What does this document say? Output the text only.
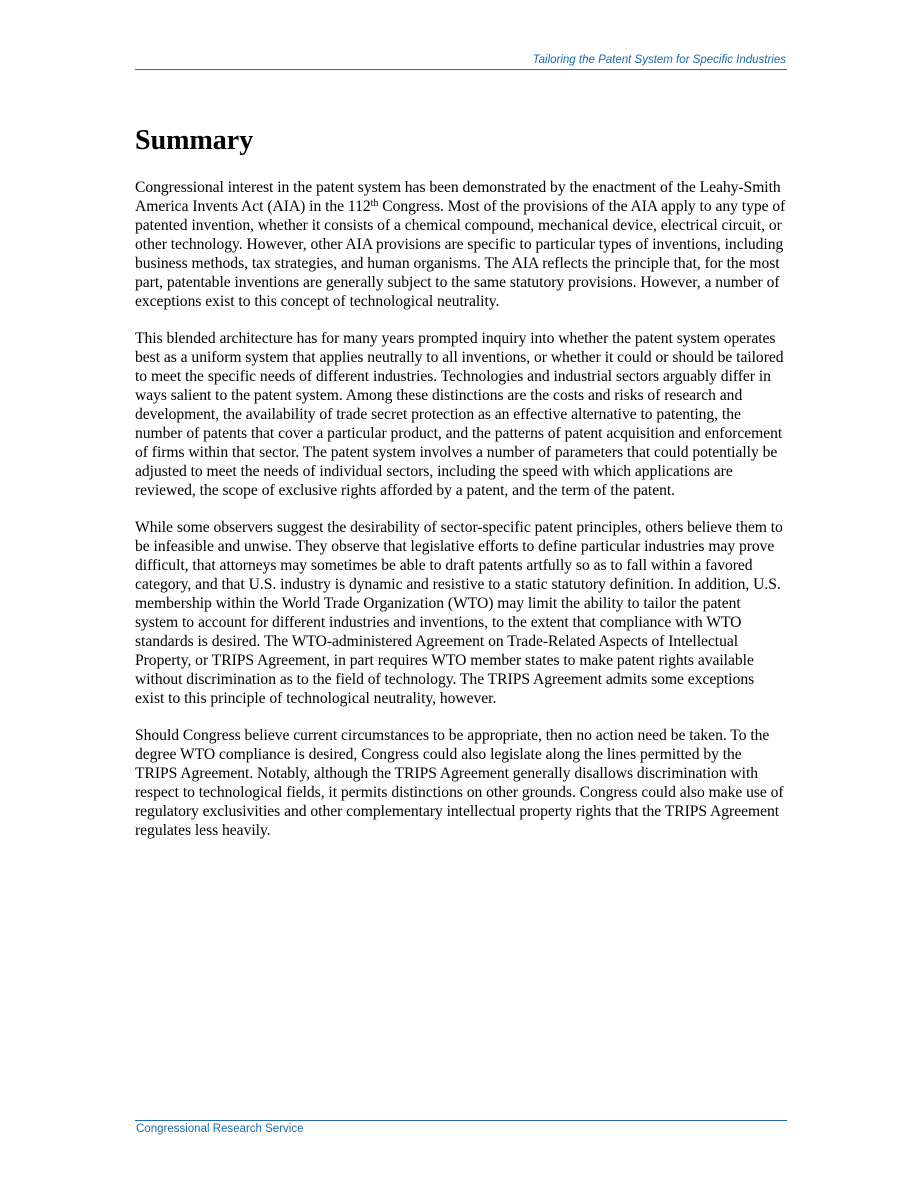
Tailoring the Patent System for Specific Industries
Summary

Congressional interest in the patent system has been demonstrated by the enactment of the Leahy-Smith America Invents Act (AIA) in the 112th Congress. Most of the provisions of the AIA apply to any type of patented invention, whether it consists of a chemical compound, mechanical device, electrical circuit, or other technology. However, other AIA provisions are specific to particular types of inventions, including business methods, tax strategies, and human organisms. The AIA reflects the principle that, for the most part, patentable inventions are generally subject to the same statutory provisions. However, a number of exceptions exist to this concept of technological neutrality.

This blended architecture has for many years prompted inquiry into whether the patent system operates best as a uniform system that applies neutrally to all inventions, or whether it could or should be tailored to meet the specific needs of different industries. Technologies and industrial sectors arguably differ in ways salient to the patent system. Among these distinctions are the costs and risks of research and development, the availability of trade secret protection as an effective alternative to patenting, the number of patents that cover a particular product, and the patterns of patent acquisition and enforcement of firms within that sector. The patent system involves a number of parameters that could potentially be adjusted to meet the needs of individual sectors, including the speed with which applications are reviewed, the scope of exclusive rights afforded by a patent, and the term of the patent.

While some observers suggest the desirability of sector-specific patent principles, others believe them to be infeasible and unwise. They observe that legislative efforts to define particular industries may prove difficult, that attorneys may sometimes be able to draft patents artfully so as to fall within a favored category, and that U.S. industry is dynamic and resistive to a static statutory definition. In addition, U.S. membership within the World Trade Organization (WTO) may limit the ability to tailor the patent system to account for different industries and inventions, to the extent that compliance with WTO standards is desired. The WTO-administered Agreement on Trade-Related Aspects of Intellectual Property, or TRIPS Agreement, in part requires WTO member states to make patent rights available without discrimination as to the field of technology. The TRIPS Agreement admits some exceptions exist to this principle of technological neutrality, however.

Should Congress believe current circumstances to be appropriate, then no action need be taken. To the degree WTO compliance is desired, Congress could also legislate along the lines permitted by the TRIPS Agreement. Notably, although the TRIPS Agreement generally disallows discrimination with respect to technological fields, it permits distinctions on other grounds. Congress could also make use of regulatory exclusivities and other complementary intellectual property rights that the TRIPS Agreement regulates less heavily.

Congressional Research Service
